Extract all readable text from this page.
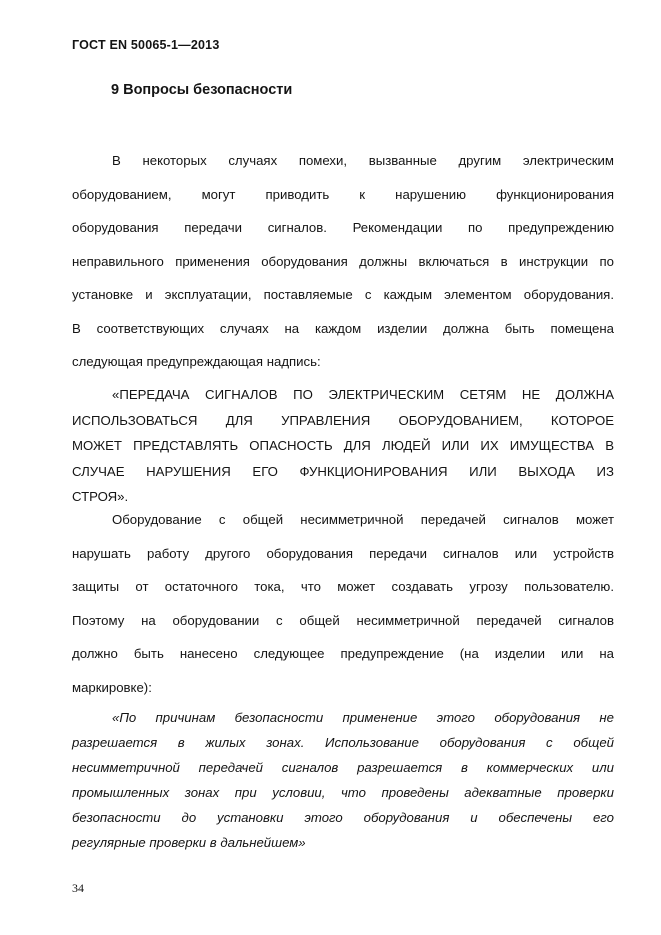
ГОСТ EN 50065-1—2013
9 Вопросы безопасности
В некоторых случаях помехи, вызванные другим электрическим
оборудованием, могут приводить к нарушению функционирования
оборудования передачи сигналов. Рекомендации по предупреждению
неправильного применения оборудования должны включаться в инструкции по
установке и эксплуатации, поставляемые с каждым элементом оборудования.
В соответствующих случаях на каждом изделии должна быть помещена
следующая предупреждающая надпись:
«ПЕРЕДАЧА СИГНАЛОВ ПО ЭЛЕКТРИЧЕСКИМ СЕТЯМ НЕ ДОЛЖНА
ИСПОЛЬЗОВАТЬСЯ ДЛЯ УПРАВЛЕНИЯ ОБОРУДОВАНИЕМ, КОТОРОЕ
МОЖЕТ ПРЕДСТАВЛЯТЬ ОПАСНОСТЬ ДЛЯ ЛЮДЕЙ ИЛИ ИХ ИМУЩЕСТВА В
СЛУЧАЕ НАРУШЕНИЯ ЕГО ФУНКЦИОНИРОВАНИЯ ИЛИ ВЫХОДА ИЗ
СТРОЯ».
Оборудование с общей несимметричной передачей сигналов может
нарушать работу другого оборудования передачи сигналов или устройств
защиты от остаточного тока, что может создавать угрозу пользователю.
Поэтому на оборудовании с общей несимметричной передачей сигналов
должно быть нанесено следующее предупреждение (на изделии или на
маркировке):
«По причинам безопасности применение этого оборудования не
разрешается в жилых зонах. Использование оборудования с общей
несимметричной передачей сигналов разрешается в коммерческих или
промышленных зонах при условии, что проведены адекватные проверки
безопасности до установки этого оборудования и обеспечены его
регулярные проверки в дальнейшем»
34
